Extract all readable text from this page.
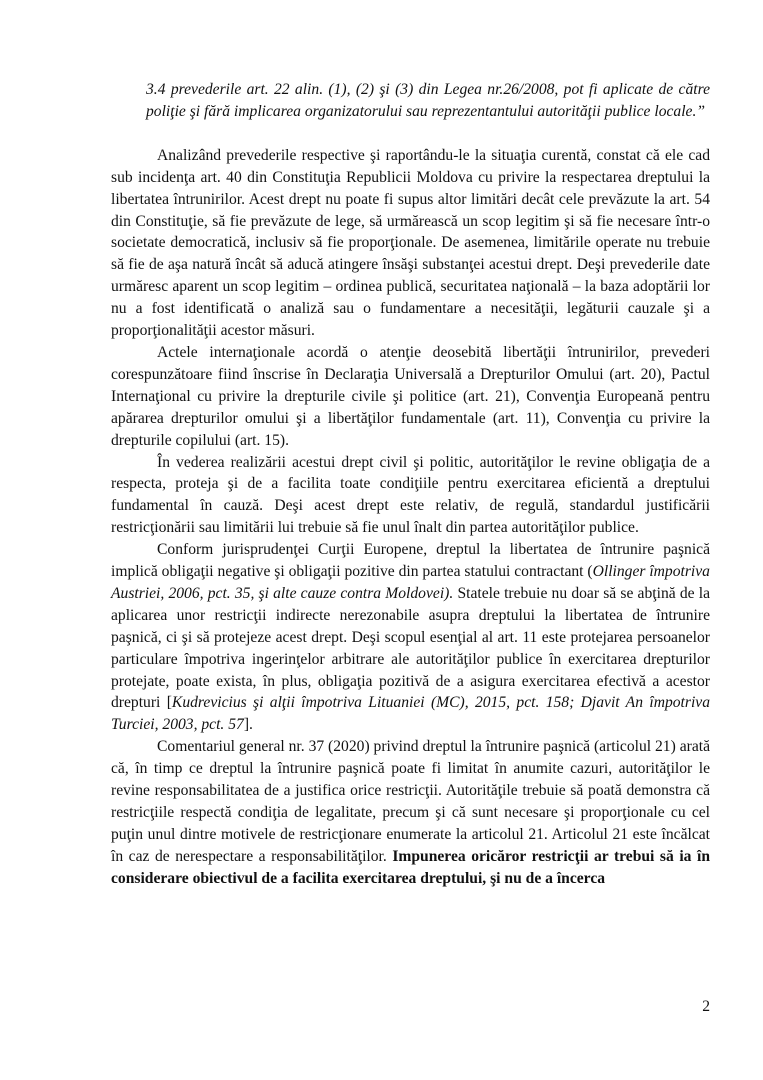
3.4 prevederile art. 22 alin. (1), (2) şi (3) din Legea nr.26/2008, pot fi aplicate de către poliţie şi fără implicarea organizatorului sau reprezentantului autorităţii publice locale.”

Analizând prevederile respective şi raportându-le la situaţia curentă, constat că ele cad sub incidenţa art. 40 din Constituţia Republicii Moldova cu privire la respectarea dreptului la libertatea întrunirilor. Acest drept nu poate fi supus altor limitări decât cele prevăzute la art. 54 din Constituţie, să fie prevăzute de lege, să urmărească un scop legitim şi să fie necesare într-o societate democratică, inclusiv să fie proporţionale. De asemenea, limitările operate nu trebuie să fie de aşa natură încât să aducă atingere însăşi substanţei acestui drept. Deşi prevederile date urmăresc aparent un scop legitim – ordinea publică, securitatea naţională – la baza adoptării lor nu a fost identificată o analiză sau o fundamentare a necesităţii, legăturii cauzale şi a proporţionalităţii acestor măsuri.

Actele internaţionale acordă o atenţie deosebită libertăţii întrunirilor, prevederi corespunzătoare fiind înscrise în Declaraţia Universală a Drepturilor Omului (art. 20), Pactul Internaţional cu privire la drepturile civile şi politice (art. 21), Convenţia Europeană pentru apărarea drepturilor omului şi a libertăţilor fundamentale (art. 11), Convenţia cu privire la drepturile copilului (art. 15).

În vederea realizării acestui drept civil şi politic, autorităţilor le revine obligaţia de a respecta, proteja şi de a facilita toate condiţiile pentru exercitarea eficientă a dreptului fundamental în cauză. Deşi acest drept este relativ, de regulă, standardul justificării restricţionării sau limitării lui trebuie să fie unul înalt din partea autorităţilor publice.

Conform jurisprudenţei Curţii Europene, dreptul la libertatea de întrunire paşnică implică obligaţii negative şi obligaţii pozitive din partea statului contractant (Ollinger împotriva Austriei, 2006, pct. 35, şi alte cauze contra Moldovei). Statele trebuie nu doar să se abţină de la aplicarea unor restricţii indirecte nerezonabile asupra dreptului la libertatea de întrunire paşnică, ci şi să protejeze acest drept. Deşi scopul esenţial al art. 11 este protejarea persoanelor particulare împotriva ingerinţelor arbitrare ale autorităţilor publice în exercitarea drepturilor protejate, poate exista, în plus, obligaţia pozitivă de a asigura exercitarea efectivă a acestor drepturi [Kudrevicius şi alţii împotriva Lituaniei (MC), 2015, pct. 158; Djavit An împotriva Turciei, 2003, pct. 57].

Comentariul general nr. 37 (2020) privind dreptul la întrunire paşnică (articolul 21) arată că, în timp ce dreptul la întrunire paşnică poate fi limitat în anumite cazuri, autorităţilor le revine responsabilitatea de a justifica orice restricţii. Autorităţile trebuie să poată demonstra că restricţiile respectă condiţia de legalitate, precum şi că sunt necesare şi proporţionale cu cel puţin unul dintre motivele de restricţionare enumerate la articolul 21. Articolul 21 este încălcat în caz de nerespectare a responsabilităţilor. Impunerea oricăror restricţii ar trebui să ia în considerare obiectivul de a facilita exercitarea dreptului, şi nu de a încerca

2
